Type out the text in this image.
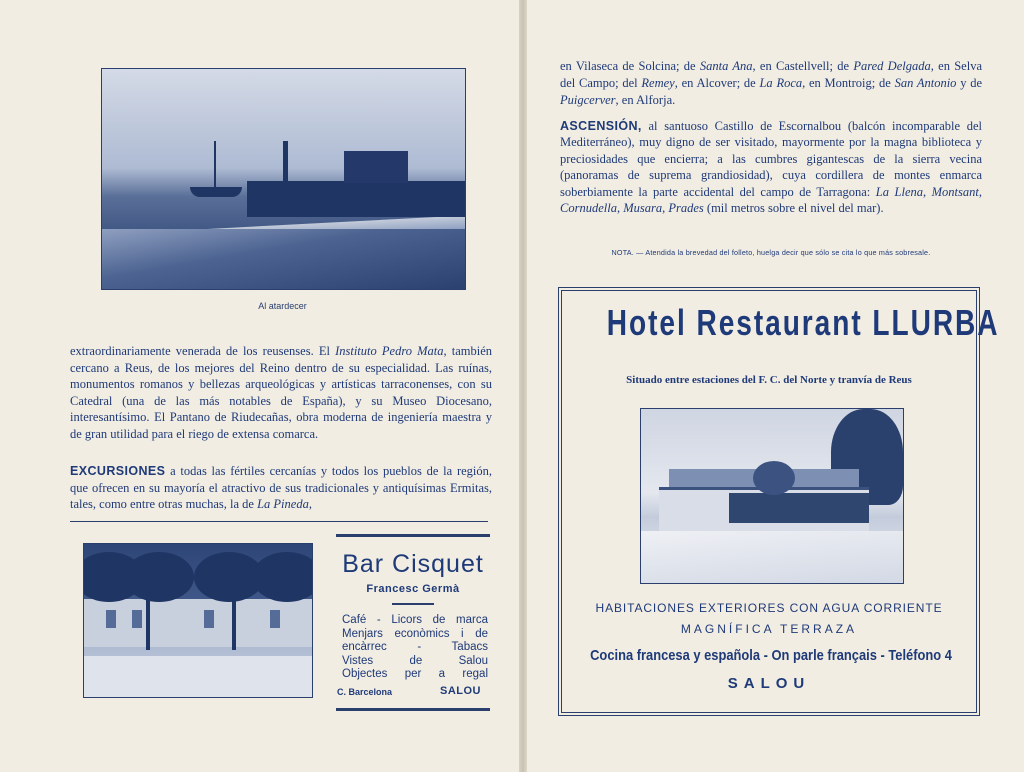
Al atardecer

extraordinariamente venerada de los reusenses. El Instituto Pedro Mata, también cercano a Reus, de los mejores del Reino dentro de su especialidad. Las ruínas, monumentos romanos y bellezas arqueológicas y artísticas tarraconenses, con su Catedral (una de las más notables de España), y su Museo Diocesano, interesantísimo. El Pantano de Riudecañas, obra moderna de ingeniería maestra y de gran utilidad para el riego de extensa comarca.

EXCURSIONES a todas las fértiles cercanías y todos los pueblos de la región, que ofrecen en su mayoría el atractivo de sus tradicionales y antiquísimas Ermitas, tales, como entre otras muchas, la de La Pineda,

Bar Cisquet
Francesc Germà
Café - Licors de marca
Menjars econòmics i de
encàrrec - Tabacs
Vistes de Salou
Objectes per a regal
C. Barcelona	SALOU

en Vilaseca de Solcina; de Santa Ana, en Castellvell; de Pared Delgada, en Selva del Campo; del Remey, en Alcover; de La Roca, en Montroig; de San Antonio y de Puigcerver, en Alforja.

ASCENSIÓN, al santuoso Castillo de Escornalbou (balcón incomparable del Mediterráneo), muy digno de ser visitado, mayormente por la magna biblioteca y preciosidades que encierra; a las cumbres gigantescas de la sierra vecina (panoramas de suprema grandiosidad), cuya cordillera de montes enmarca soberbiamente la parte accidental del campo de Tarragona: La Llena, Montsant, Cornudella, Musara, Prades (mil metros sobre el nivel del mar).

NOTA. — Atendida la brevedad del folleto, huelga decir que sólo se cita lo que más sobresale.
Hotel Restaurant LLURBA
Situado entre estaciones del F. C. del Norte y tranvía de Reus
HABITACIONES EXTERIORES CON AGUA CORRIENTE
MAGNÍFICA TERRAZA
Cocina francesa y española - On parle français - Teléfono 4
SALOU
